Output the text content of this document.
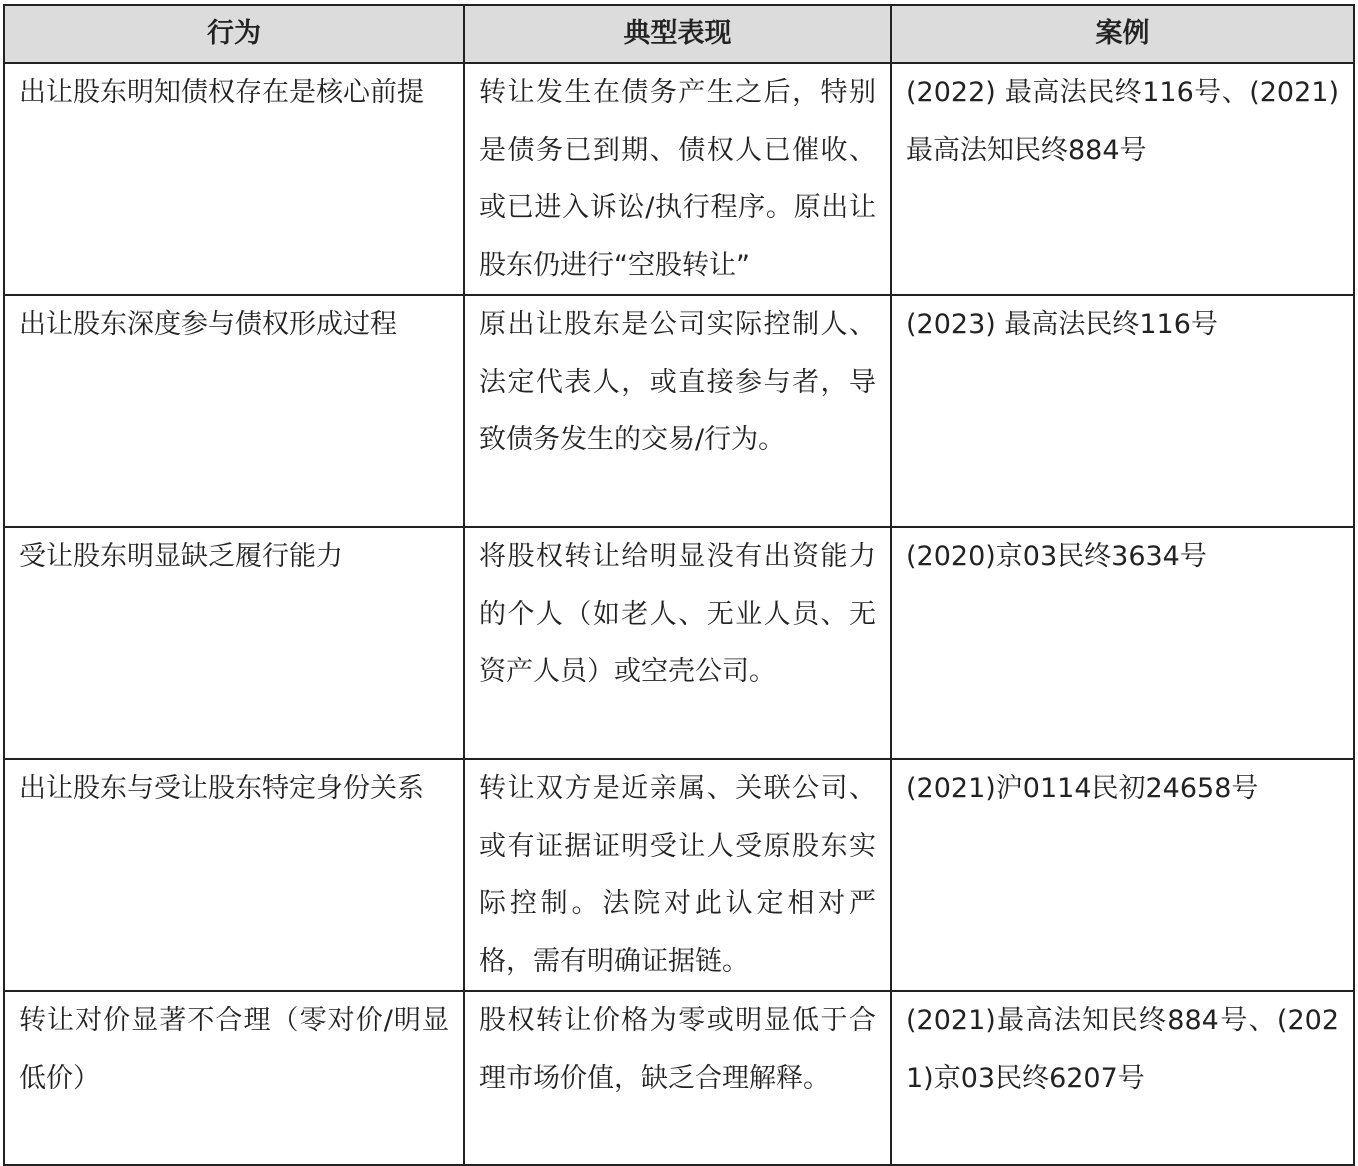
行为	典型表现	案例
出让股东明知债权存在是核心前提	转让发生在债务产生之后，特别是债务已到期、债权人已催收、或已进入诉讼/执行程序。原出让股东仍进行“空股转让”	(2022) 最高法民终116号、(2021)最高法知民终884号
出让股东深度参与债权形成过程	原出让股东是公司实际控制人、法定代表人，或直接参与者，导致债务发生的交易/行为。	(2023) 最高法民终116号
受让股东明显缺乏履行能力	将股权转让给明显没有出资能力的个人（如老人、无业人员、无资产人员）或空壳公司。	(2020)京03民终3634号
出让股东与受让股东特定身份关系	转让双方是近亲属、关联公司、或有证据证明受让人受原股东实际控制。法院对此认定相对严格，需有明确证据链。	(2021)沪0114民初24658号
转让对价显著不合理（零对价/明显低价）	股权转让价格为零或明显低于合理市场价值，缺乏合理解释。	(2021)最高法知民终884号、(2021)京03民终6207号
